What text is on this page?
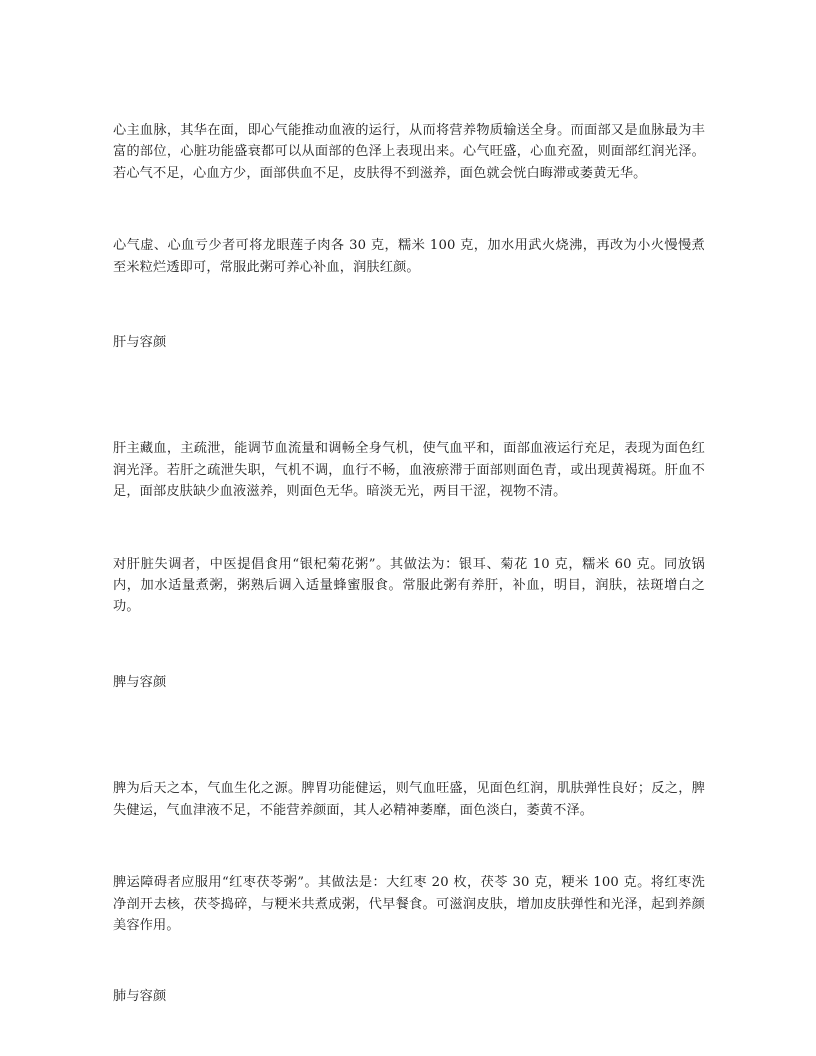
心主血脉，其华在面，即心气能推动血液的运行，从而将营养物质输送全身。而面部又是血脉最为丰富的部位，心脏功能盛衰都可以从面部的色泽上表现出来。心气旺盛，心血充盈，则面部红润光泽。若心气不足，心血方少，面部供血不足，皮肤得不到滋养，面色就会恍白晦滞或萎黄无华。

心气虚、心血亏少者可将龙眼莲子肉各 30 克，糯米 100 克，加水用武火烧沸，再改为小火慢慢煮至米粒烂透即可，常服此粥可养心补血，润肤红颜。

肝与容颜

肝主藏血，主疏泄，能调节血流量和调畅全身气机，使气血平和，面部血液运行充足，表现为面色红润光泽。若肝之疏泄失职，气机不调，血行不畅，血液瘀滞于面部则面色青，或出现黄褐斑。肝血不足，面部皮肤缺少血液滋养，则面色无华。暗淡无光，两目干涩，视物不清。

对肝脏失调者，中医提倡食用“银杞菊花粥”。其做法为：银耳、菊花 10 克，糯米 60 克。同放锅内，加水适量煮粥，粥熟后调入适量蜂蜜服食。常服此粥有养肝，补血，明目，润肤，祛斑增白之功。

脾与容颜

脾为后天之本，气血生化之源。脾胃功能健运，则气血旺盛，见面色红润，肌肤弹性良好；反之，脾失健运，气血津液不足，不能营养颜面，其人必精神萎靡，面色淡白，萎黄不泽。

脾运障碍者应服用“红枣茯苓粥”。其做法是：大红枣 20 枚，茯苓 30 克，粳米 100 克。将红枣洗净剖开去核，茯苓捣碎，与粳米共煮成粥，代早餐食。可滋润皮肤，增加皮肤弹性和光泽，起到养颜美容作用。

肺与容颜
